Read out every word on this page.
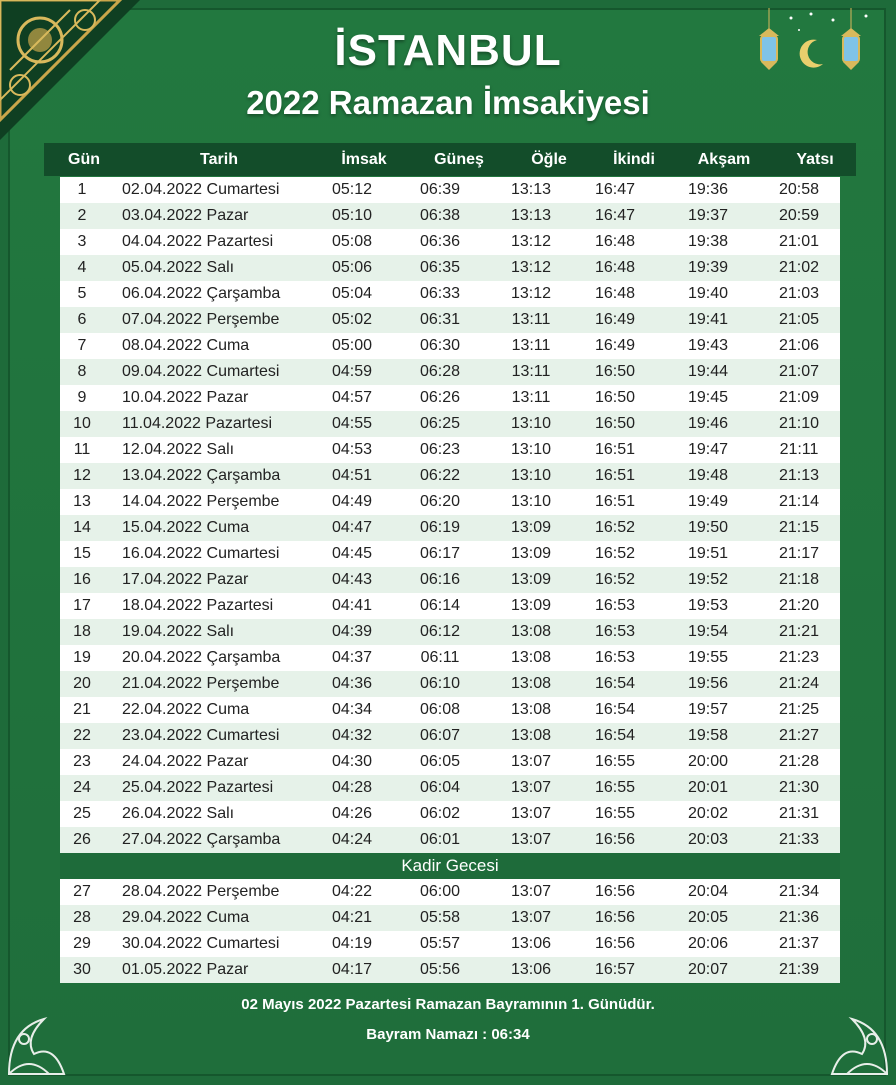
İSTANBUL
2022 Ramazan İmsakiyesi
Gün	Tarih	İmsak	Güneş	Öğle	İkindi	Akşam	Yatsı
1	02.04.2022 Cumartesi	05:12	06:39	13:13	16:47	19:36	20:58
2	03.04.2022 Pazar	05:10	06:38	13:13	16:47	19:37	20:59
3	04.04.2022 Pazartesi	05:08	06:36	13:12	16:48	19:38	21:01
4	05.04.2022 Salı	05:06	06:35	13:12	16:48	19:39	21:02
5	06.04.2022 Çarşamba	05:04	06:33	13:12	16:48	19:40	21:03
6	07.04.2022 Perşembe	05:02	06:31	13:11	16:49	19:41	21:05
7	08.04.2022 Cuma	05:00	06:30	13:11	16:49	19:43	21:06
8	09.04.2022 Cumartesi	04:59	06:28	13:11	16:50	19:44	21:07
9	10.04.2022 Pazar	04:57	06:26	13:11	16:50	19:45	21:09
10	11.04.2022 Pazartesi	04:55	06:25	13:10	16:50	19:46	21:10
11	12.04.2022 Salı	04:53	06:23	13:10	16:51	19:47	21:11
12	13.04.2022 Çarşamba	04:51	06:22	13:10	16:51	19:48	21:13
13	14.04.2022 Perşembe	04:49	06:20	13:10	16:51	19:49	21:14
14	15.04.2022 Cuma	04:47	06:19	13:09	16:52	19:50	21:15
15	16.04.2022 Cumartesi	04:45	06:17	13:09	16:52	19:51	21:17
16	17.04.2022 Pazar	04:43	06:16	13:09	16:52	19:52	21:18
17	18.04.2022 Pazartesi	04:41	06:14	13:09	16:53	19:53	21:20
18	19.04.2022 Salı	04:39	06:12	13:08	16:53	19:54	21:21
19	20.04.2022 Çarşamba	04:37	06:11	13:08	16:53	19:55	21:23
20	21.04.2022 Perşembe	04:36	06:10	13:08	16:54	19:56	21:24
21	22.04.2022 Cuma	04:34	06:08	13:08	16:54	19:57	21:25
22	23.04.2022 Cumartesi	04:32	06:07	13:08	16:54	19:58	21:27
23	24.04.2022 Pazar	04:30	06:05	13:07	16:55	20:00	21:28
24	25.04.2022 Pazartesi	04:28	06:04	13:07	16:55	20:01	21:30
25	26.04.2022 Salı	04:26	06:02	13:07	16:55	20:02	21:31
26	27.04.2022 Çarşamba	04:24	06:01	13:07	16:56	20:03	21:33
Kadir Gecesi
27	28.04.2022 Perşembe	04:22	06:00	13:07	16:56	20:04	21:34
28	29.04.2022 Cuma	04:21	05:58	13:07	16:56	20:05	21:36
29	30.04.2022 Cumartesi	04:19	05:57	13:06	16:56	20:06	21:37
30	01.05.2022 Pazar	04:17	05:56	13:06	16:57	20:07	21:39
02 Mayıs 2022 Pazartesi Ramazan Bayramının 1. Günüdür.
Bayram Namazı : 06:34
